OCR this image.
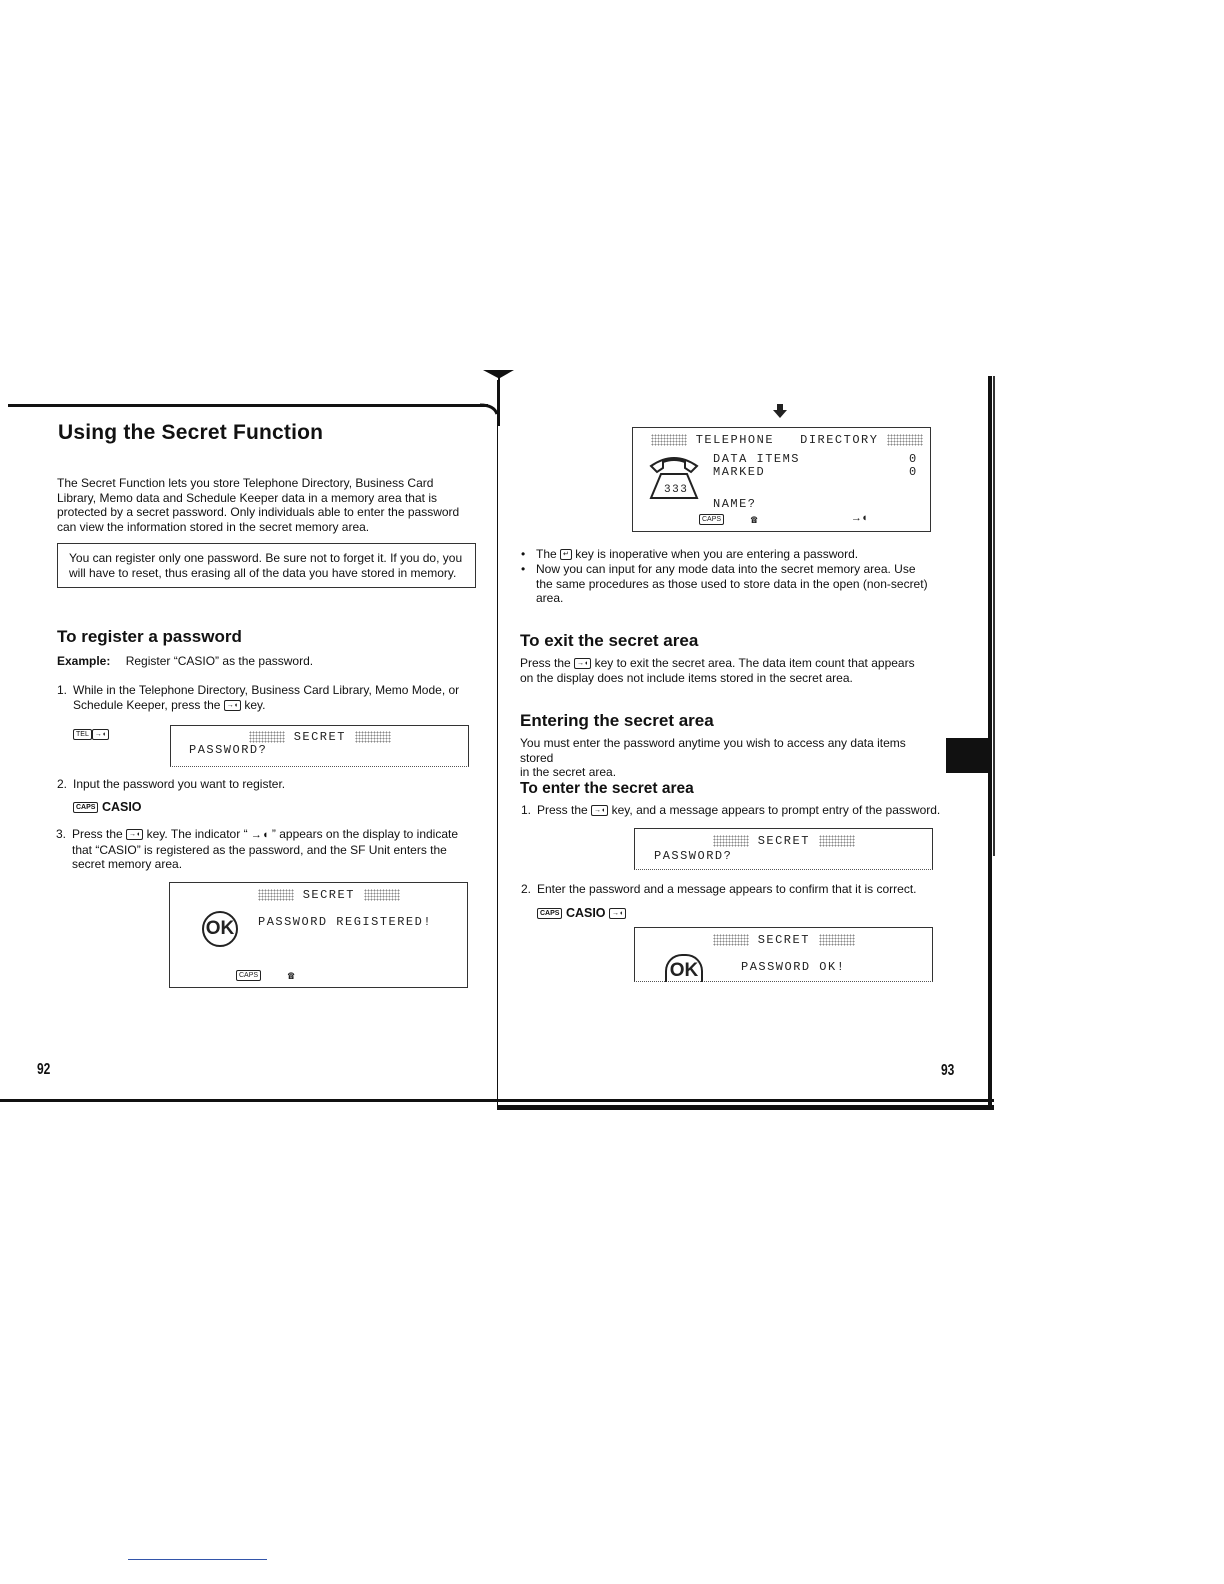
Using the Secret Function
The Secret Function lets you store Telephone Directory, Business Card Library, Memo data and Schedule Keeper data in a memory area that is protected by a secret password. Only individuals able to enter the password can view the information stored in the secret memory area.
You can register only one password. Be sure not to forget it. If you do, you will have to reset, thus erasing all of the data you have stored in memory.
To register a password
Example: Register “CASIO” as the password.
1. While in the Telephone Directory, Business Card Library, Memo Mode, or
Schedule Keeper, press the →◖ key.
TEL →◖	SECRET
PASSWORD?
2. Input the password you want to register.
CAPS CASIO
3. Press the →◖ key. The indicator “ →◖ ” appears on the display to indicate
that “CASIO” is registered as the password, and the SF Unit enters the
secret memory area.
SECRET
OK	PASSWORD REGISTERED!
CAPS	☎
92
TELEPHONE DIRECTORY
333
DATA ITEMS	0
MARKED	0
NAME?
CAPS	☎	→◖
• The ↵ key is inoperative when you are entering a password.
• Now you can input for any mode data into the secret memory area. Use
the same procedures as those used to store data in the open (non-secret)
area.
To exit the secret area
Press the →◖ key to exit the secret area. The data item count that appears
on the display does not include items stored in the secret area.
Entering the secret area
You must enter the password anytime you wish to access any data items stored
in the secret area.
To enter the secret area
1. Press the →◖ key, and a message appears to prompt entry of the password.
SECRET
PASSWORD?
2. Enter the password and a message appears to confirm that it is correct.
CAPS CASIO →◖
SECRET
OK	PASSWORD OK!
93
